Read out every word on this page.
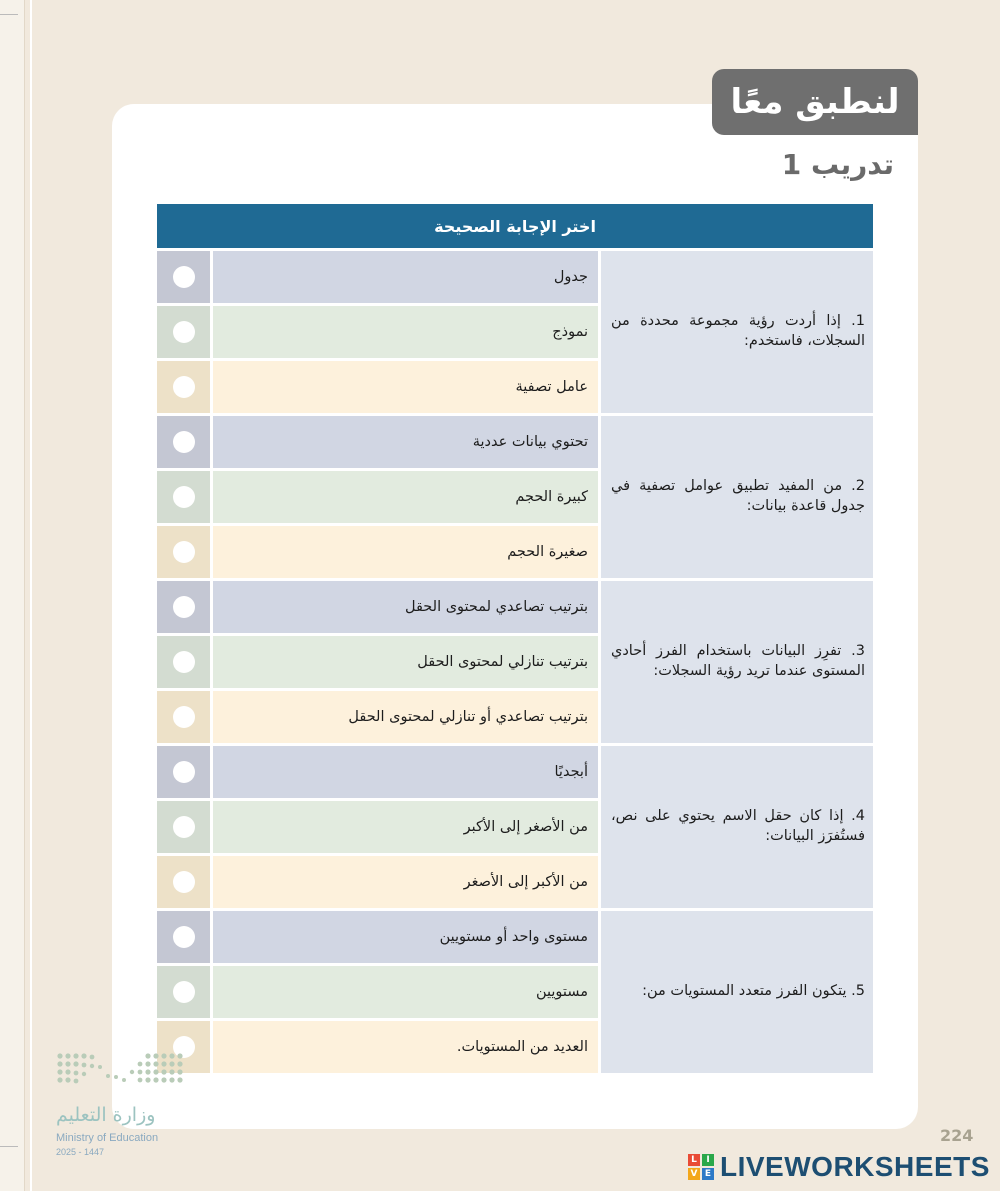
لنطبق معًا
تدريب 1
اختر الإجابة الصحيحة
1. إذا أردت رؤية مجموعة محددة من السجلات، فاستخدم:
جدول
نموذج
عامل تصفية
2. من المفيد تطبيق عوامل تصفية في جدول قاعدة بيانات:
تحتوي بيانات عددية
كبيرة الحجم
صغيرة الحجم
3. تفرِز البيانات باستخدام الفرز أحادي المستوى عندما تريد رؤية السجلات:
بترتيب تصاعدي لمحتوى الحقل
بترتيب تنازلي لمحتوى الحقل
بترتيب تصاعدي أو تنازلي لمحتوى الحقل
4. إذا كان حقل الاسم يحتوي على نص، فستُفرَز البيانات:
أبجديًا
من الأصغر إلى الأكبر
من الأكبر إلى الأصغر
5. يتكون الفرز متعدد المستويات من:
مستوى واحد أو مستويين
مستويين
العديد من المستويات.
وزارة التعليم
Ministry of Education
2025 - 1447
224
L	I
V E LIVEWORKSHEETS
